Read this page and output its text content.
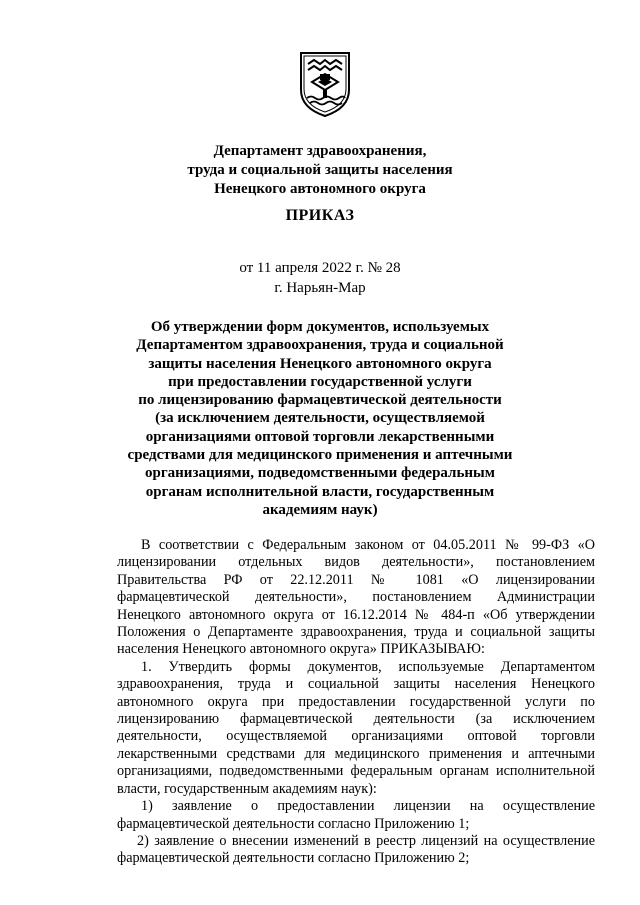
Департамент здравоохранения,
труда и социальной защиты населения
Ненецкого автономного округа
ПРИКАЗ
от 11 апреля 2022 г. № 28
г. Нарьян-Мар
Об утверждении форм документов, используемых
Департаментом здравоохранения, труда и социальной
защиты населения Ненецкого автономного округа
при предоставлении государственной услуги
по лицензированию фармацевтической деятельности
(за исключением деятельности, осуществляемой
организациями оптовой торговли лекарственными
средствами для медицинского применения и аптечными
организациями, подведомственными федеральным
органам исполнительной власти, государственным
академиям наук)

В соответствии с Федеральным законом от 04.05.2011 № 99-ФЗ «О лицензировании отдельных видов деятельности», постановлением Правительства РФ от 22.12.2011 № 1081 «О лицензировании фармацевтической деятельности», постановлением Администрации Ненецкого автономного округа от 16.12.2014 № 484-п «Об утверждении Положения о Департаменте здравоохранения, труда и социальной защиты населения Ненецкого автономного округа» ПРИКАЗЫВАЮ:

1. Утвердить формы документов, используемые Департаментом здравоохранения, труда и социальной защиты населения Ненецкого автономного округа при предоставлении государственной услуги по лицензированию фармацевтической деятельности (за исключением деятельности, осуществляемой организациями оптовой торговли лекарственными средствами для медицинского применения и аптечными организациями, подведомственными федеральным органам исполнительной власти, государственным академиям наук):

1) заявление о предоставлении лицензии на осуществление фармацевтической деятельности согласно Приложению 1;

2) заявление о внесении изменений в реестр лицензий на осуществление фармацевтической деятельности согласно Приложению 2;
